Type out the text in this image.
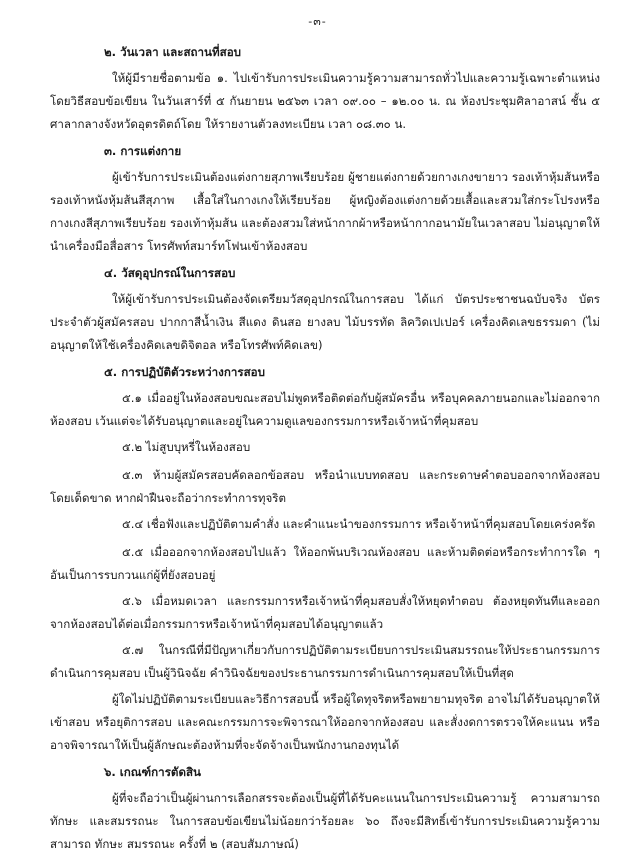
-๓-
๒. วันเวลา และสถานที่สอบ
ให้ผู้มีรายชื่อตามข้อ ๑. ไปเข้ารับการประเมินความรู้ความสามารถทั่วไปและความรู้เฉพาะตำแหน่ง โดยวิธีสอบข้อเขียน ในวันเสาร์ที่ ๕ กันยายน ๒๕๖๓ เวลา ๐๙.๐๐ – ๑๒.๐๐ น. ณ ห้องประชุมศิลาอาสน์ ชั้น ๕ ศาลากลางจังหวัดอุตรดิตถ์โดย ให้รายงานตัวลงทะเบียน เวลา ๐๘.๓๐ น.
๓. การแต่งกาย
ผู้เข้ารับการประเมินต้องแต่งกายสุภาพเรียบร้อย ผู้ชายแต่งกายด้วยกางเกงขายาว รองเท้าหุ้มส้นหรือรองเท้าหนังหุ้มส้นสีสุภาพ เสื้อใส่ในกางเกงให้เรียบร้อย ผู้หญิงต้องแต่งกายด้วยเสื้อและสวมใส่กระโปรงหรือกางเกงสีสุภาพเรียบร้อย รองเท้าหุ้มส้น และต้องสวมใส่หน้ากากผ้าหรือหน้ากากอนามัยในเวลาสอบ ไม่อนุญาตให้นำเครื่องมือสื่อสาร โทรศัพท์สมาร์ทโฟนเข้าห้องสอบ
๔. วัสดุอุปกรณ์ในการสอบ
ให้ผู้เข้ารับการประเมินต้องจัดเตรียมวัสดุอุปกรณ์ในการสอบ ได้แก่ บัตรประชาชนฉบับจริง บัตรประจำตัวผู้สมัครสอบ ปากกาสีน้ำเงิน สีแดง ดินสอ ยางลบ ไม้บรรทัด ลิควิดเปเปอร์ เครื่องคิดเลขธรรมดา (ไม่อนุญาตให้ใช้เครื่องคิดเลขดิจิตอล หรือโทรศัพท์คิดเลข)
๕. การปฏิบัติตัวระหว่างการสอบ
๕.๑ เมื่ออยู่ในห้องสอบขณะสอบไม่พูดหรือติดต่อกับผู้สมัครอื่น หรือบุคคลภายนอกและไม่ออกจากห้องสอบ เว้นแต่จะได้รับอนุญาตและอยู่ในความดูแลของกรรมการหรือเจ้าหน้าที่คุมสอบ
๕.๒ ไม่สูบบุหรี่ในห้องสอบ
๕.๓ ห้ามผู้สมัครสอบคัดลอกข้อสอบ หรือนำแบบทดสอบ และกระดาษคำตอบออกจากห้องสอบโดยเด็ดขาด หากฝ่าฝืนจะถือว่ากระทำการทุจริต
๕.๔ เชื่อฟังและปฏิบัติตามคำสั่ง และคำแนะนำของกรรมการ หรือเจ้าหน้าที่คุมสอบโดยเคร่งครัด
๕.๕ เมื่อออกจากห้องสอบไปแล้ว ให้ออกพ้นบริเวณห้องสอบ และห้ามติดต่อหรือกระทำการใด ๆ อันเป็นการรบกวนแก่ผู้ที่ยังสอบอยู่
๕.๖ เมื่อหมดเวลา และกรรมการหรือเจ้าหน้าที่คุมสอบสั่งให้หยุดทำตอบ ต้องหยุดทันทีและออกจากห้องสอบได้ต่อเมื่อกรรมการหรือเจ้าหน้าที่คุมสอบได้อนุญาตแล้ว
๕.๗ ในกรณีที่มีปัญหาเกี่ยวกับการปฏิบัติตามระเบียบการประเมินสมรรถนะให้ประธานกรรมการดำเนินการคุมสอบ เป็นผู้วินิจฉัย คำวินิจฉัยของประธานกรรมการดำเนินการคุมสอบให้เป็นที่สุด
ผู้ใดไม่ปฏิบัติตามระเบียบและวิธีการสอบนี้ หรือผู้ใดทุจริตหรือพยายามทุจริต อาจไม่ได้รับอนุญาตให้เข้าสอบ หรือยุติการสอบ และคณะกรรมการจะพิจารณาให้ออกจากห้องสอบ และสั่งงดการตรวจให้คะแนน หรืออาจพิจารณาให้เป็นผู้ลักษณะต้องห้ามที่จะจัดจ้างเป็นพนักงานกองทุนได้
๖. เกณฑ์การตัดสิน
ผู้ที่จะถือว่าเป็นผู้ผ่านการเลือกสรรจะต้องเป็นผู้ที่ได้รับคะแนนในการประเมินความรู้ ความสามารถ ทักษะ และสมรรถนะ ในการสอบข้อเขียนไม่น้อยกว่าร้อยละ ๖๐ ถึงจะมีสิทธิ์เข้ารับการประเมินความรู้ความสามารถ ทักษะ สมรรถนะ ครั้งที่ ๒ (สอบสัมภาษณ์)
